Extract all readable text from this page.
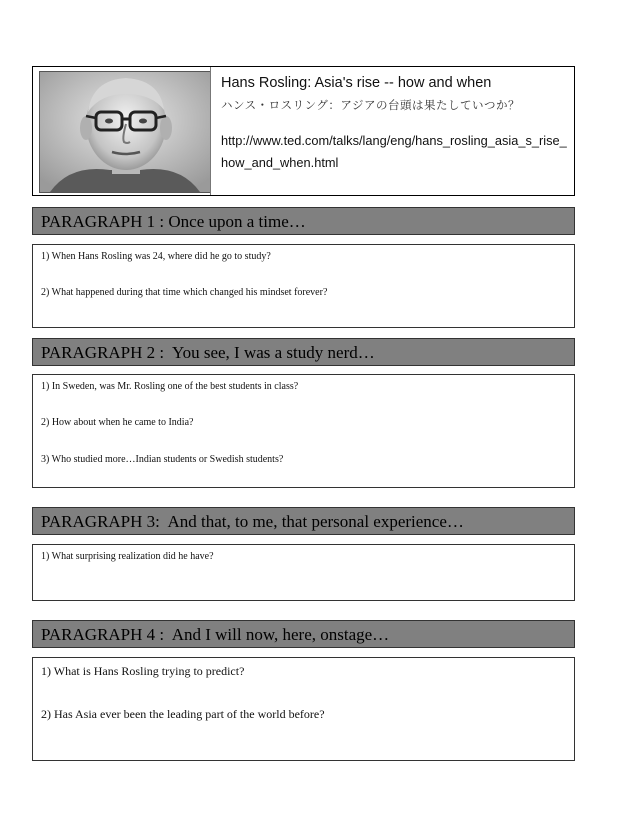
Hans Rosling: Asia's rise -- how and when
ハンス・ロスリング：アジアの台頭は果たしていつか？
http://www.ted.com/talks/lang/eng/hans_rosling_asia_s_rise_how_and_when.html
PARAGRAPH 1 : Once upon a time…
1) When Hans Rosling was 24, where did he go to study?
2) What happened during that time which changed his mindset forever?
PARAGRAPH 2 :  You see, I was a study nerd…
1) In Sweden, was Mr. Rosling one of the best students in class?
2) How about when he came to India?
3) Who studied more…Indian students or Swedish students?
PARAGRAPH 3:  And that, to me, that personal experience…
1) What surprising realization did he have?
PARAGRAPH 4 :  And I will now, here, onstage…
1) What is Hans Rosling trying to predict?
2) Has Asia ever been the leading part of the world before?
